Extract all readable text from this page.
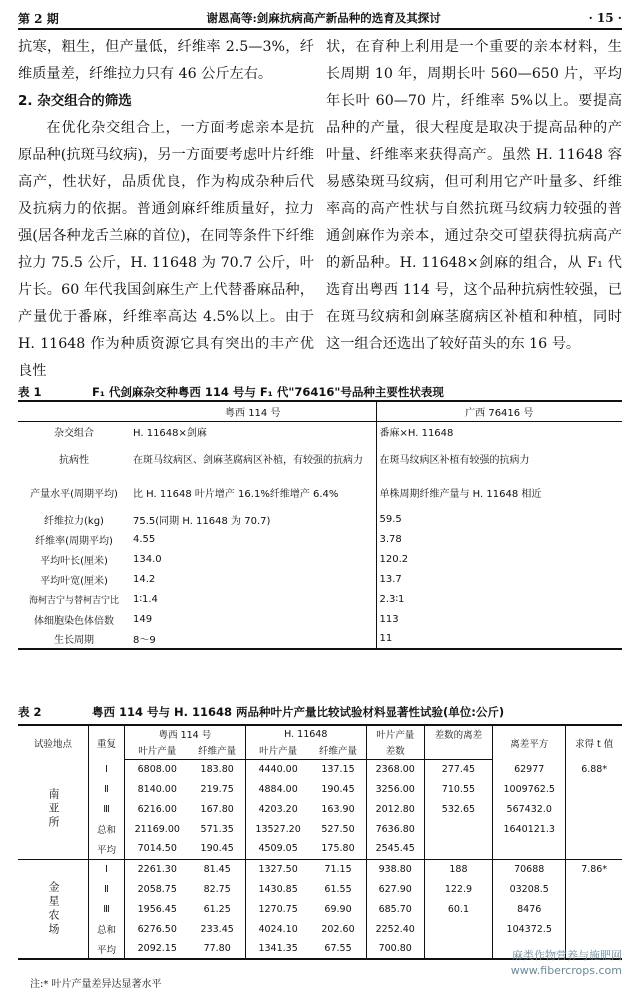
第 2 期	谢恩高等:剑麻抗病高产新品种的选育及其探讨	· 15 ·

抗寒，粗生，但产量低，纤维率 2.5—3%，纤维质量差，纤维拉力只有 46 公斤左右。

2. 杂交组合的筛选

在优化杂交组合上，一方面考虑亲本是抗原品种(抗斑马纹病)，另一方面要考虑叶片纤维高产，性状好，品质优良，作为构成杂种后代及抗病力的依据。普通剑麻纤维质量好，拉力强(居各种龙舌兰麻的首位)，在同等条件下纤维拉力 75.5 公斤，H. 11648 为 70.7 公斤，叶片长。60 年代我国剑麻生产上代替番麻品种，产量优于番麻，纤维率高达 4.5%以上。由于 H. 11648 作为种质资源它具有突出的丰产优良性

状，在育种上利用是一个重要的亲本材料，生长周期 10 年，周期长叶 560—650 片，平均年长叶 60—70 片，纤维率 5%以上。要提高品种的产量，很大程度是取决于提高品种的产叶量、纤维率来获得高产。虽然 H. 11648 容易感染斑马纹病，但可利用它产叶量多、纤维率高的高产性状与自然抗斑马纹病力较强的普通剑麻作为亲本，通过杂交可望获得抗病高产的新品种。H. 11648×剑麻的组合，从 F₁ 代选育出粤西 114 号，这个品种抗病性较强，已在斑马纹病和剑麻茎腐病区补植和种植，同时这一组合还选出了较好苗头的东 16 号。

表 1	F₁ 代剑麻杂交种粤西 114 号与 F₁ 代"76416"号品种主要性状表现
	粤西 114 号	广西 76416 号
杂交组合	H. 11648×剑麻	番麻×H. 11648
抗病性	在斑马纹病区、剑麻茎腐病区补植，有较强的抗病力	在斑马纹病区补植有较强的抗病力
产量水平(周期平均)	比 H. 11648 叶片增产 16.1%纤维增产 6.4%	单株周期纤维产量与 H. 11648 相近
纤维拉力(kg)	75.5(同期 H. 11648 为 70.7)	59.5
纤维率(周期平均)	4.55	3.78
平均叶长(厘米)	134.0	120.2
平均叶宽(厘米)	14.2	13.7
海柯吉宁与替柯吉宁比	1∶1.4	2.3∶1
体细胞染色体倍数	149	113
生长周期	8～9	11
表 2	粤西 114 号与 H. 11648 两品种叶片产量比较试验材料显著性试验(单位:公斤)
试验地点	重复	粤西 114 号		H. 11648		叶片产量	差数的离差	离差平方	求得 t 值
		叶片产量	纤维产量	叶片产量	纤维产量	差数			
南亚所	Ⅰ	6808.00	183.80	4440.00	137.15	2368.00	277.45	62977	6.88*
	Ⅱ	8140.00	219.75	4884.00	190.45	3256.00	710.55	1009762.5	
	Ⅲ	6216.00	167.80	4203.20	163.90	2012.80	532.65	567432.0	
	总和	21169.00	571.35	13527.20	527.50	7636.80		1640121.3	
	平均	7014.50	190.45	4509.05	175.80	2545.45			
金星农场	Ⅰ	2261.30	81.45	1327.50	71.15	938.80	188	70688	7.86*
	Ⅱ	2058.75	82.75	1430.85	61.55	627.90	122.9	03208.5	
	Ⅲ	1956.45	61.25	1270.75	69.90	685.70	60.1	8476	
	总和	6276.50	233.45	4024.10	202.60	2252.40		104372.5	
	平均	2092.15	77.80	1341.35	67.55	700.80			
注:* 叶片产量差异达显著水平
麻类作物营养与施肥网
www.fibercrops.com
